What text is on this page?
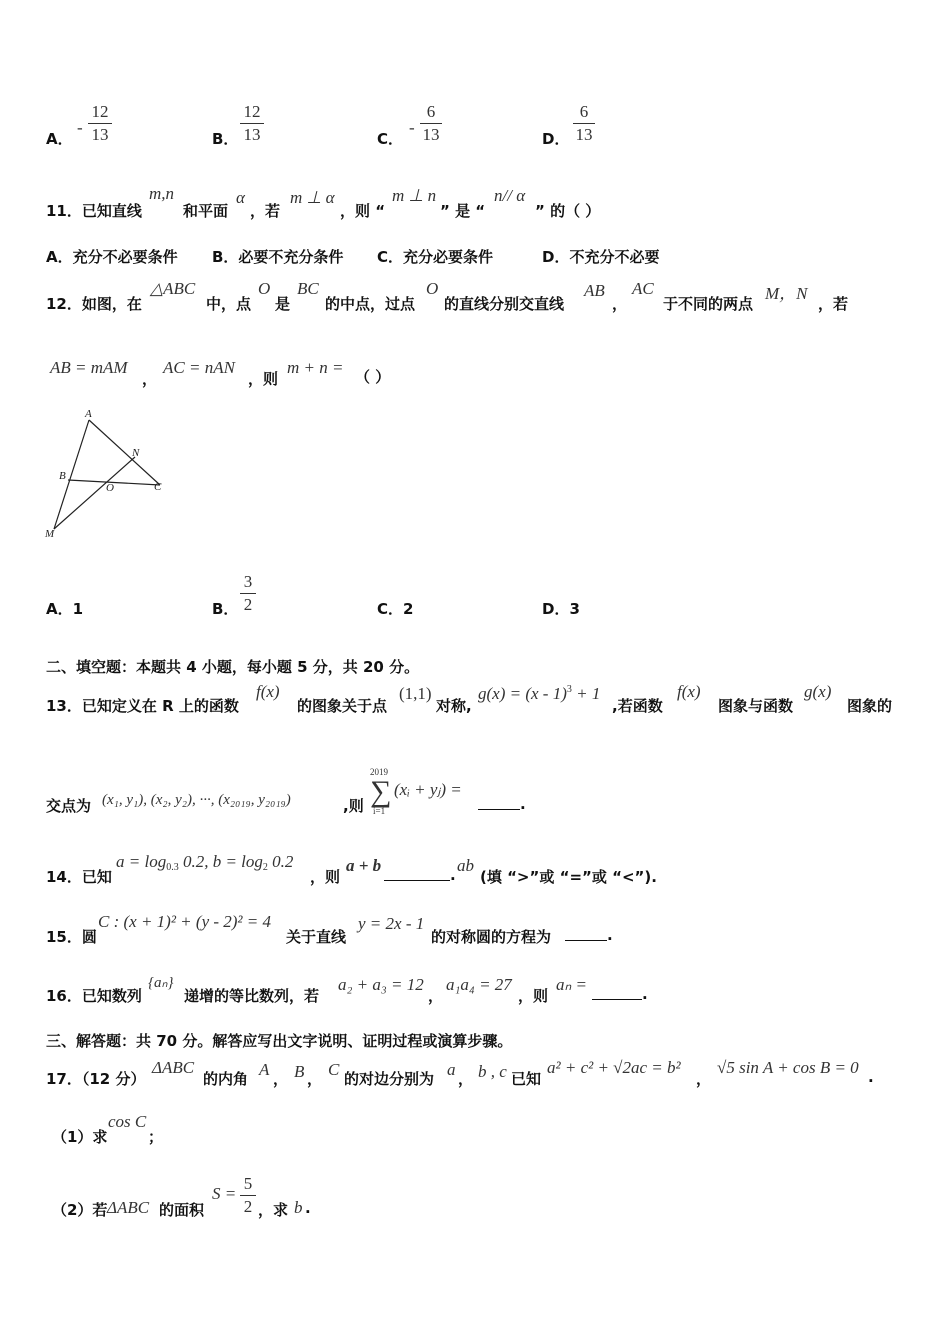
A．
-
12
13	B．
12
13	C．
-
6
13	D．
6
13
11．已知直线
m,n
和平面
α
，若
m ⊥ α
，则 “
m ⊥ n
” 是 “
n// α
” 的（ ）
A．充分不必要条件 B．必要不充分条件 C．充分必要条件	D．不充分不必要
12．如图，在
△ABC
中，点
O
是
BC
的中点，过点
O
的直线分别交直线
AB
，
AC
于不同的两点
M，N
，若
AB = mAM
，
AC = nAN
，则
m + n = （ ）
A
B
C
O
N
M
A．1	B．
3
2	C．2	D．3
二、填空题：本题共 4 小题，每小题 5 分，共 20 分。
13．已知定义在 R 上的函数
f(x)
的图象关于点
(1,1)
对称,
g(x) = (x - 1)$^3$ + 1
,若函数
f(x)
图象与函数
g(x)
图象的
交点为 (x₁, y₁), (x₂, y₂), ···, (x₂₀₁₉, y₂₀₁₉)	,则
2019
∑
i=1
(xᵢ + yⱼ) =
.
14．已知
$a = \log_{0.3} 0.2$, $b = \log_2 0.2$
，则
a + b	. ab
(填 “>”或 “=”或 “<”).
15．圆
C : (x + 1)² + (y - 2)² = 4
关于直线
y = 2x - 1
的对称圆的方程为	.
16．已知数列
{aₙ}
递增的等比数列，若
a₂ + a₃ = 12
，
a₁a₄ = 27
，则
aₙ =	.
三、解答题：共 70 分。解答应写出文字说明、证明过程或演算步骤。
17．（12 分）
ΔABC
的内角 A ， B ， C 的对边分别为 a ， b , c 已知
a² + c² + √2ac = b²
，
√5 sin A + cos B = 0 .
（1）求
cos C
；
（2）若 ΔABC 的面积
S =
5
2 ，求 b .
